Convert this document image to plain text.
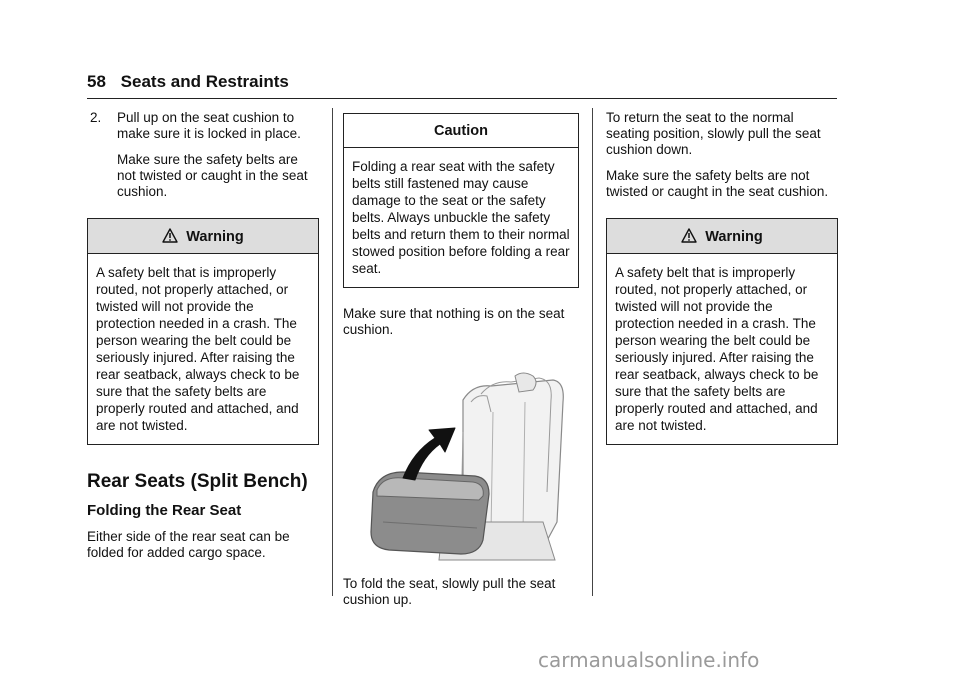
58 Seats and Restraints
2.	Pull up on the seat cushion to make sure it is locked in place.

Make sure the safety belts are not twisted or caught in the seat cushion.

Warning
A safety belt that is improperly routed, not properly attached, or twisted will not provide the protection needed in a crash. The person wearing the belt could be seriously injured. After raising the rear seatback, always check to be sure that the safety belts are properly routed and attached, and are not twisted.
Rear Seats (Split Bench)
Folding the Rear Seat

Either side of the rear seat can be folded for added cargo space.

Caution
Folding a rear seat with the safety belts still fastened may cause damage to the seat or the safety belts. Always unbuckle the safety belts and return them to their normal stowed position before folding a rear seat.

Make sure that nothing is on the seat cushion.

To fold the seat, slowly pull the seat cushion up.

To return the seat to the normal seating position, slowly pull the seat cushion down.

Make sure the safety belts are not twisted or caught in the seat cushion.

Warning
A safety belt that is improperly routed, not properly attached, or twisted will not provide the protection needed in a crash. The person wearing the belt could be seriously injured. After raising the rear seatback, always check to be sure that the safety belts are properly routed and attached, and are not twisted.
carmanualsonline.info
